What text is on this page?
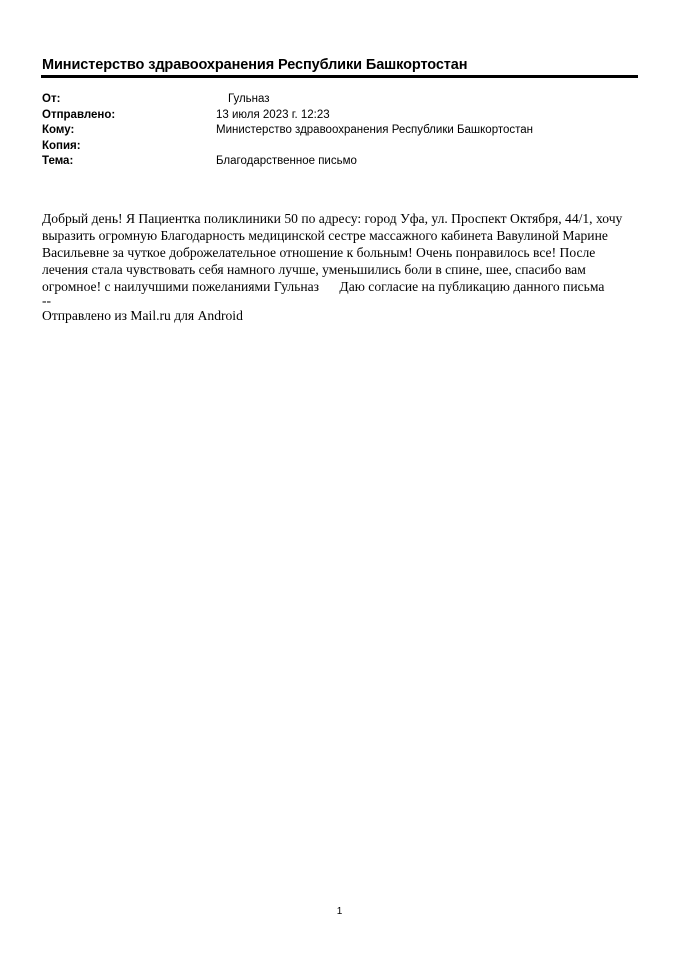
Министерство здравоохранения Республики Башкортостан
От:	Гульназ
Отправлено:	13 июля 2023 г. 12:23
Кому:	Министерство здравоохранения Республики Башкортостан
Копия:
Тема:	Благодарственное письмо
Добрый день! Я Пациентка поликлиники 50 по адресу: город Уфа, ул. Проспект Октября, 44/1, хочу
выразить огромную Благодарность медицинской сестре массажного кабинета Вавулиной Марине
Васильевне за чуткое доброжелательное отношение к больным! Очень понравилось все! После
лечения стала чувствовать себя намного лучше, уменьшились боли в спине, шее, спасибо вам
огромное! с наилучшими пожеланиями Гульназ      Даю согласие на публикацию данного письма
--
Отправлено из Mail.ru для Android
1
